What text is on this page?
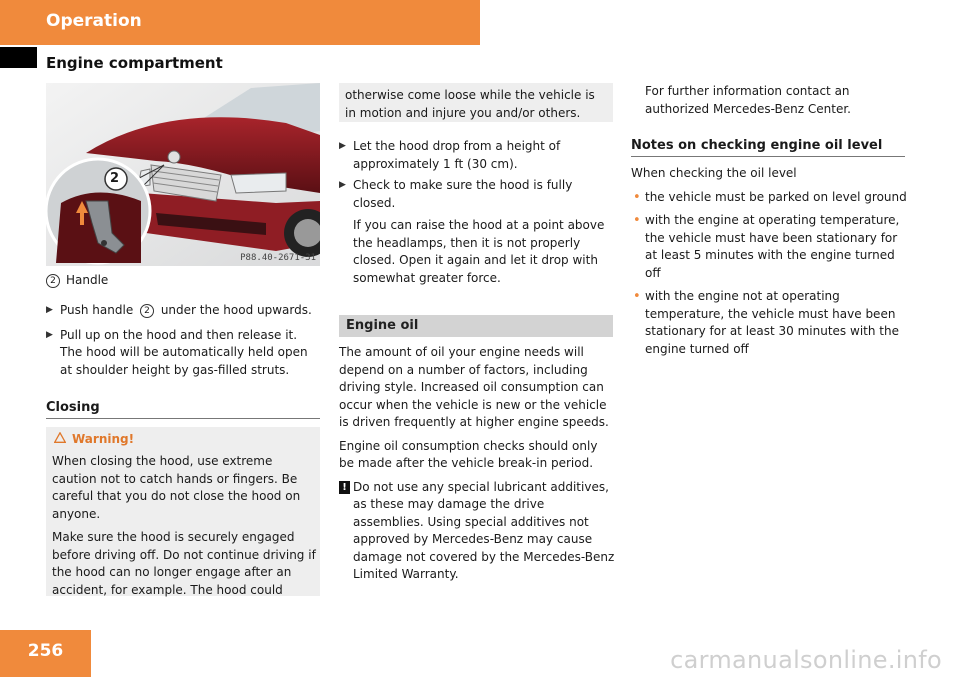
Operation
Engine compartment
2
P88.40-2671-31
2 Handle
▶ Push handle 2 under the hood upwards.
▶ Pull up on the hood and then release it.
The hood will be automatically held open at shoulder height by gas-filled struts.
Closing
Warning!

When closing the hood, use extreme caution not to catch hands or fingers. Be careful that you do not close the hood on anyone.

Make sure the hood is securely engaged before driving off. Do not continue driving if the hood can no longer engage after an accident, for example. The hood could

otherwise come loose while the vehicle is in motion and injure you and/or others.
▶ Let the hood drop from a height of approximately 1 ft (30 cm).
▶ Check to make sure the hood is fully closed.
If you can raise the hood at a point above the headlamps, then it is not properly closed. Open it again and let it drop with somewhat greater force.
Engine oil
The amount of oil your engine needs will depend on a number of factors, including driving style. Increased oil consumption can occur when the vehicle is new or the vehicle is driven frequently at higher engine speeds.
Engine oil consumption checks should only be made after the vehicle break-in period.
! Do not use any special lubricant additives, as these may damage the drive assemblies. Using special additives not approved by Mercedes-Benz may cause damage not covered by the Mercedes-Benz Limited Warranty.
For further information contact an authorized Mercedes-Benz Center.
Notes on checking engine oil level
When checking the oil level
• the vehicle must be parked on level ground
• with the engine at operating temperature, the vehicle must have been stationary for at least 5 minutes with the engine turned off
• with the engine not at operating temperature, the vehicle must have been stationary for at least 30 minutes with the engine turned off
256	carmanualsonline.info
